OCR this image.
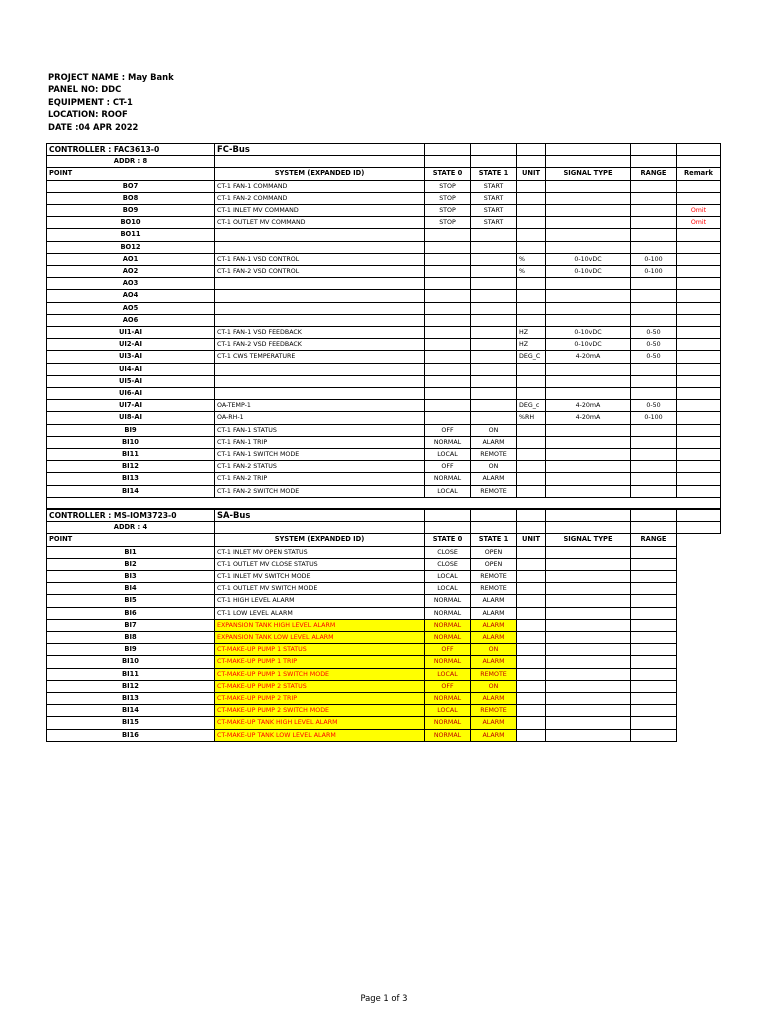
PROJECT NAME : May Bank
PANEL NO: DDC
EQUIPMENT : CT-1
LOCATION: ROOF
DATE :04 APR 2022
CONTROLLER : FAC3613-0	FC-Bus						
ADDR : 8							
POINT	SYSTEM (EXPANDED ID)	STATE 0	STATE 1	UNIT	SIGNAL TYPE	RANGE	Remark
BO7	CT-1 FAN-1 COMMAND	STOP	START				
BO8	CT-1 FAN-2 COMMAND	STOP	START				
BO9	CT-1 INLET MV COMMAND	STOP	START				Omit
BO10	CT-1 OUTLET MV COMMAND	STOP	START				Omit
BO11							
BO12							
AO1	CT-1 FAN-1 VSD CONTROL			%	0-10vDC	0-100	
AO2	CT-1 FAN-2 VSD CONTROL			%	0-10vDC	0-100	
AO3							
AO4							
AO5							
AO6							
UI1-AI	CT-1 FAN-1 VSD FEEDBACK			HZ	0-10vDC	0-50	
UI2-AI	CT-1 FAN-2 VSD FEEDBACK			HZ	0-10vDC	0-50	
UI3-AI	CT-1 CWS TEMPERATURE			DEG_C	4-20mA	0-50	
UI4-AI							
UI5-AI							
UI6-AI							
UI7-AI	OA-TEMP-1			DEG_c	4-20mA	0-50	
UI8-AI	OA-RH-1			%RH	4-20mA	0-100	
BI9	CT-1 FAN-1 STATUS	OFF	ON				
BI10	CT-1 FAN-1 TRIP	NORMAL	ALARM				
BI11	CT-1 FAN-1 SWITCH MODE	LOCAL	REMOTE				
BI12	CT-1 FAN-2 STATUS	OFF	ON				
BI13	CT-1 FAN-2 TRIP	NORMAL	ALARM				
BI14	CT-1 FAN-2 SWITCH MODE	LOCAL	REMOTE				

CONTROLLER : MS-IOM3723-0	SA-Bus						
ADDR : 4							
POINT	SYSTEM (EXPANDED ID)	STATE 0	STATE 1	UNIT	SIGNAL TYPE	RANGE	
BI1	CT-1 INLET MV OPEN STATUS	CLOSE	OPEN				
BI2	CT-1 OUTLET MV CLOSE STATUS	CLOSE	OPEN				
BI3	CT-1 INLET MV SWITCH MODE	LOCAL	REMOTE				
BI4	CT-1 OUTLET MV SWITCH MODE	LOCAL	REMOTE				
BI5	CT-1 HIGH LEVEL ALARM	NORMAL	ALARM				
BI6	CT-1 LOW LEVEL ALARM	NORMAL	ALARM				
BI7	EXPANSION TANK HIGH LEVEL ALARM	NORMAL	ALARM				
BI8	EXPANSION TANK LOW LEVEL ALARM	NORMAL	ALARM				
BI9	CT-MAKE-UP PUMP 1 STATUS	OFF	ON				
BI10	CT-MAKE-UP PUMP 1 TRIP	NORMAL	ALARM				
BI11	CT-MAKE-UP PUMP 1 SWITCH MODE	LOCAL	REMOTE				
BI12	CT-MAKE-UP PUMP 2 STATUS	OFF	ON				
BI13	CT-MAKE-UP PUMP 2 TRIP	NORMAL	ALARM				
BI14	CT-MAKE-UP PUMP 2 SWITCH MODE	LOCAL	REMOTE				
BI15	CT-MAKE-UP TANK HIGH LEVEL ALARM	NORMAL	ALARM				
BI16	CT-MAKE-UP TANK LOW LEVEL ALARM	NORMAL	ALARM				
Page 1 of 3
